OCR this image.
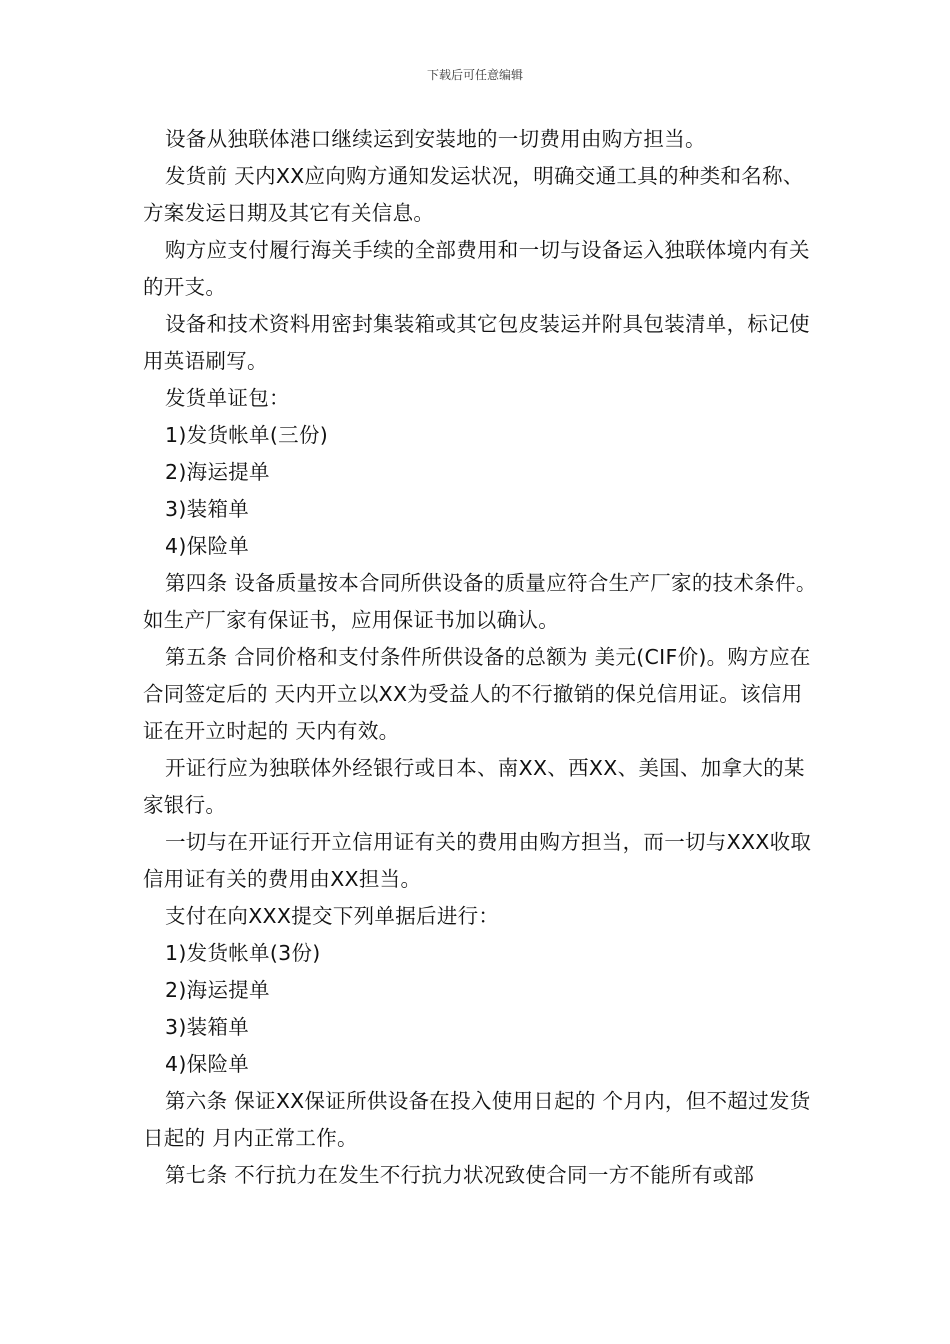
下载后可任意编辑

设备从独联体港口继续运到安装地的一切费用由购方担当。

发货前 天内XX应向购方通知发运状况，明确交通工具的种类和名称、方案发运日期及其它有关信息。

购方应支付履行海关手续的全部费用和一切与设备运入独联体境内有关的开支。

设备和技术资料用密封集装箱或其它包皮装运并附具包装清单，标记使用英语刷写。

发货单证包：

1)发货帐单(三份)

2)海运提单

3)装箱单

4)保险单

第四条 设备质量按本合同所供设备的质量应符合生产厂家的技术条件。如生产厂家有保证书，应用保证书加以确认。

第五条 合同价格和支付条件所供设备的总额为 美元(CIF价)。购方应在合同签定后的 天内开立以XX为受益人的不行撤销的保兑信用证。该信用证在开立时起的 天内有效。

开证行应为独联体外经银行或日本、南XX、西XX、美国、加拿大的某家银行。

一切与在开证行开立信用证有关的费用由购方担当，而一切与XXX收取信用证有关的费用由XX担当。

支付在向XXX提交下列单据后进行：

1)发货帐单(3份)

2)海运提单

3)装箱单

4)保险单

第六条 保证XX保证所供设备在投入使用日起的 个月内，但不超过发货日起的 月内正常工作。

第七条 不行抗力在发生不行抗力状况致使合同一方不能所有或部
